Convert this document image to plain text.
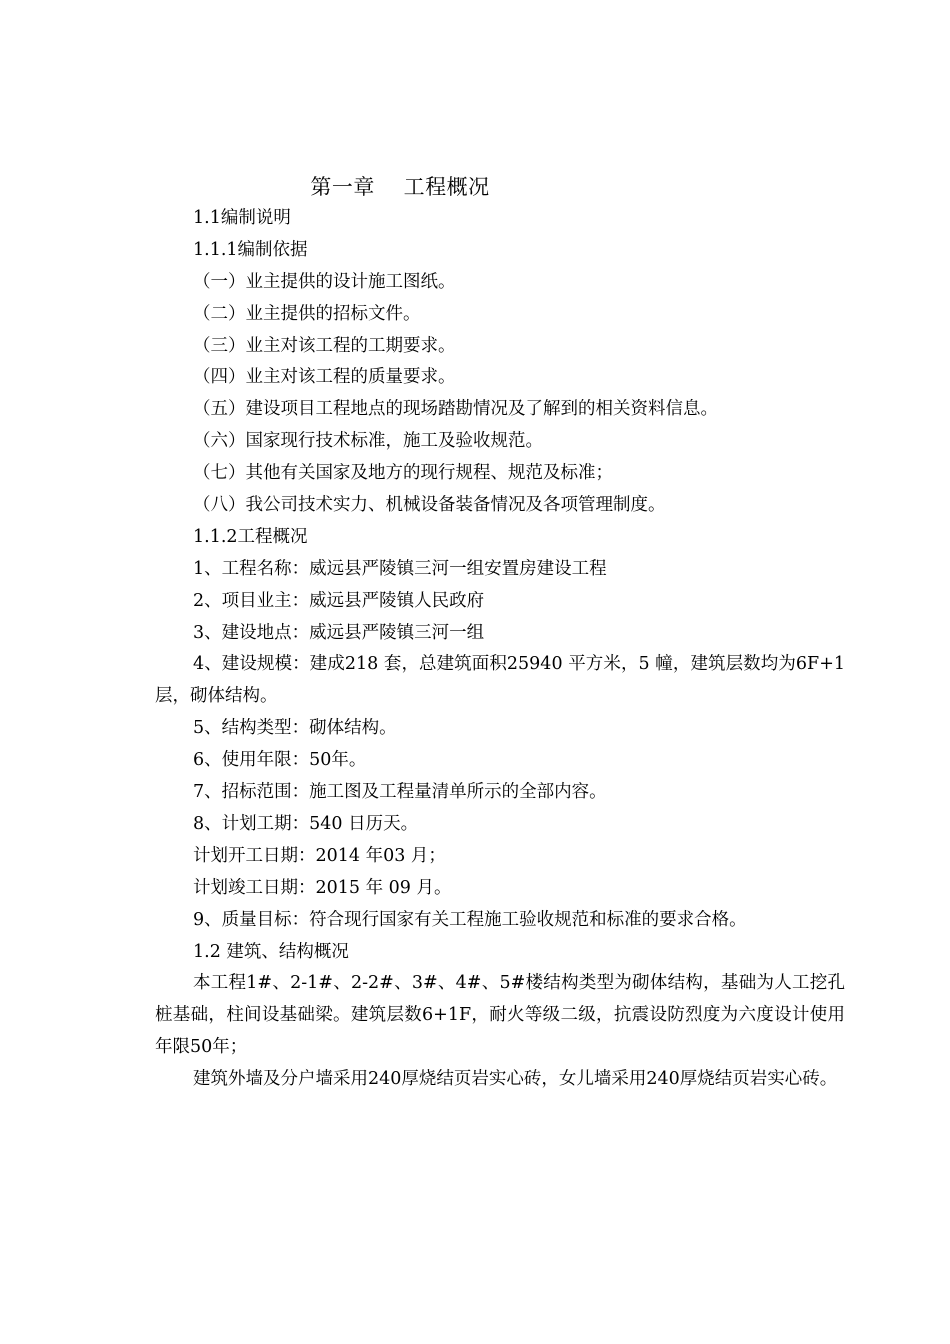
第一章    工程概况
1.1编制说明
1.1.1编制依据
（一）业主提供的设计施工图纸。
（二）业主提供的招标文件。
（三）业主对该工程的工期要求。
（四）业主对该工程的质量要求。
（五）建设项目工程地点的现场踏勘情况及了解到的相关资料信息。
（六）国家现行技术标准，施工及验收规范。
（七）其他有关国家及地方的现行规程、规范及标准；
（八）我公司技术实力、机械设备装备情况及各项管理制度。
1.1.2工程概况
1、工程名称：威远县严陵镇三河一组安置房建设工程
2、项目业主：威远县严陵镇人民政府
3、建设地点：威远县严陵镇三河一组
4、建设规模：建成218 套，总建筑面积25940 平方米，5 幢，建筑层数均为6F+1 层，砌体结构。
5、结构类型：砌体结构。
6、使用年限：50年。
7、招标范围：施工图及工程量清单所示的全部内容。
8、计划工期：540 日历天。
计划开工日期：2014 年03 月；
计划竣工日期：2015 年 09 月。
9、质量目标：符合现行国家有关工程施工验收规范和标准的要求合格。
1.2 建筑、结构概况
本工程1#、2-1#、2-2#、3#、4#、5#楼结构类型为砌体结构，基础为人工挖孔桩基础，柱间设基础梁。建筑层数6+1F，耐火等级二级，抗震设防烈度为六度设计使用年限50年；
建筑外墙及分户墙采用240厚烧结页岩实心砖，女儿墙采用240厚烧结页岩实心砖。
